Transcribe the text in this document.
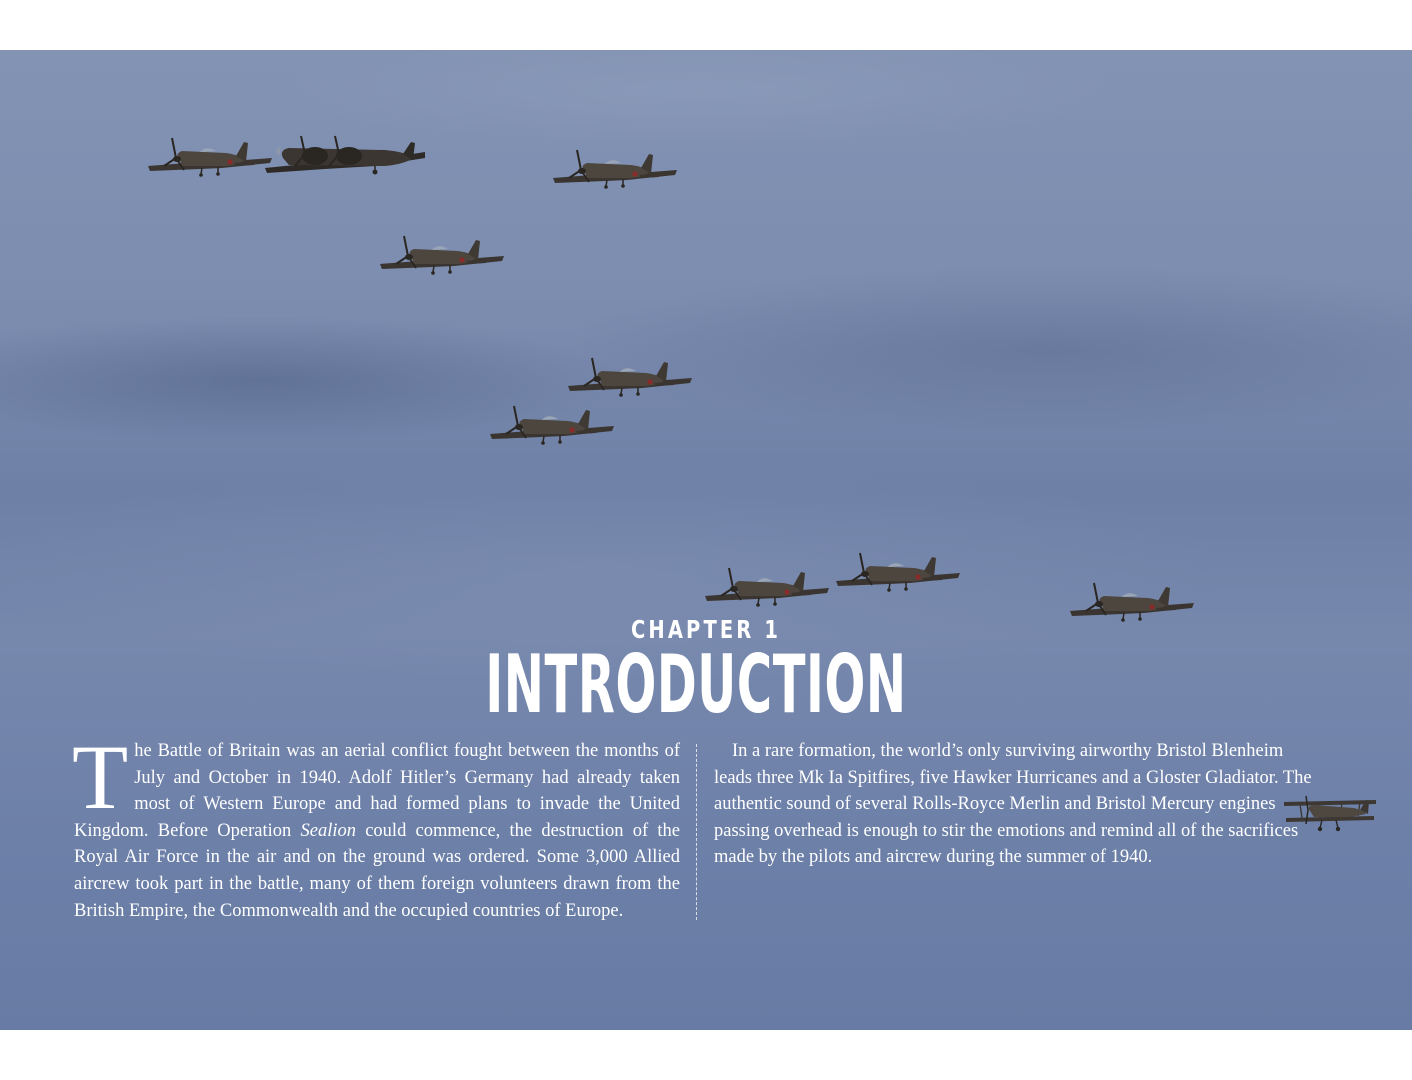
CHAPTER 1
INTRODUCTION
The Battle of Britain was an aerial conflict fought between the months of July and October in 1940. Adolf Hitler’s Germany had already taken most of Western Europe and had formed plans to invade the United Kingdom. Before Operation Sealion could commence, the destruction of the Royal Air Force in the air and on the ground was ordered. Some 3,000 Allied aircrew took part in the battle, many of them foreign volunteers drawn from the British Empire, the Commonwealth and the occupied countries of Europe.
In a rare formation, the world’s only surviving airworthy Bristol Blenheim leads three Mk Ia Spitfires, five Hawker Hurricanes and a Gloster Gladiator. The authentic sound of several Rolls-Royce Merlin and Bristol Mercury engines passing overhead is enough to stir the emotions and remind all of the sacrifices made by the pilots and aircrew during the summer of 1940.
